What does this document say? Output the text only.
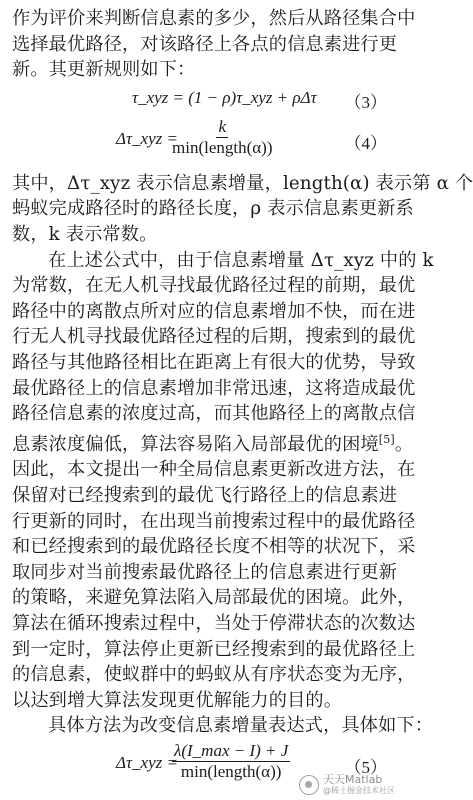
作为评价来判断信息素的多少，然后从路径集合中
选择最优路径，对该路径上各点的信息素进行更
新。其更新规则如下：
τ_xyz = (1 − ρ)τ_xyz + ρΔτ （3）
Δτ_xyz =
k
min(length(α))	（4）
其中，Δτ_xyz 表示信息素增量，length(α) 表示第 α 个
蚂蚁完成路径时的路径长度，ρ 表示信息素更新系
数，k 表示常数。
在上述公式中，由于信息素增量 Δτ_xyz 中的 k
为常数，在无人机寻找最优路径过程的前期，最优
路径中的离散点所对应的信息素增加不快，而在进
行无人机寻找最优路径过程的后期，搜索到的最优
路径与其他路径相比在距离上有很大的优势，导致
最优路径上的信息素增加非常迅速，这将造成最优
路径信息素的浓度过高，而其他路径上的离散点信
息素浓度偏低，算法容易陷入局部最优的困境[5]。
因此，本文提出一种全局信息素更新改进方法，在
保留对已经搜索到的最优飞行路径上的信息素进
行更新的同时，在出现当前搜索过程中的最优路径
和已经搜索到的最优路径长度不相等的状况下，采
取同步对当前搜索最优路径上的信息素进行更新
的策略，来避免算法陷入局部最优的困境。此外，
算法在循环搜索过程中，当处于停滞状态的次数达
到一定时，算法停止更新已经搜索到的最优路径上
的信息素，使蚁群中的蚂蚁从有序状态变为无序，
以达到增大算法发现更优解能力的目的。
具体方法为改变信息素增量表达式，具体如下：
Δτ_xyz =
λ(I_max − I) + J
min(length(α))	（5）
天天Matlab
@稀土掘金技术社区
